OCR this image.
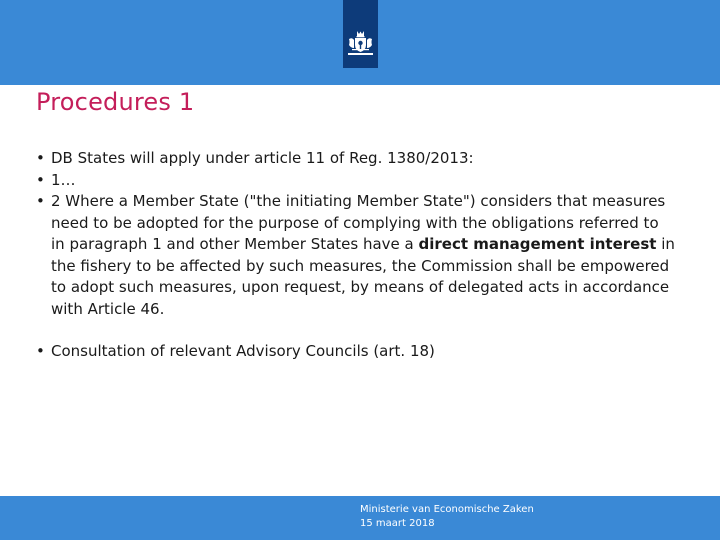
Procedures 1
• DB States will apply under article 11 of Reg. 1380/2013:
• 1…
• 2 Where a Member State ("the initiating Member State") considers that measures need to be adopted for the purpose of complying with the obligations referred to in paragraph 1 and other Member States have a direct management interest in the fishery to be affected by such measures, the Commission shall be empowered to adopt such measures, upon request, by means of delegated acts in accordance with Article 46.
• Consultation of relevant Advisory Councils (art. 18)
15
Ministerie van Economische Zaken
15 maart 2018
